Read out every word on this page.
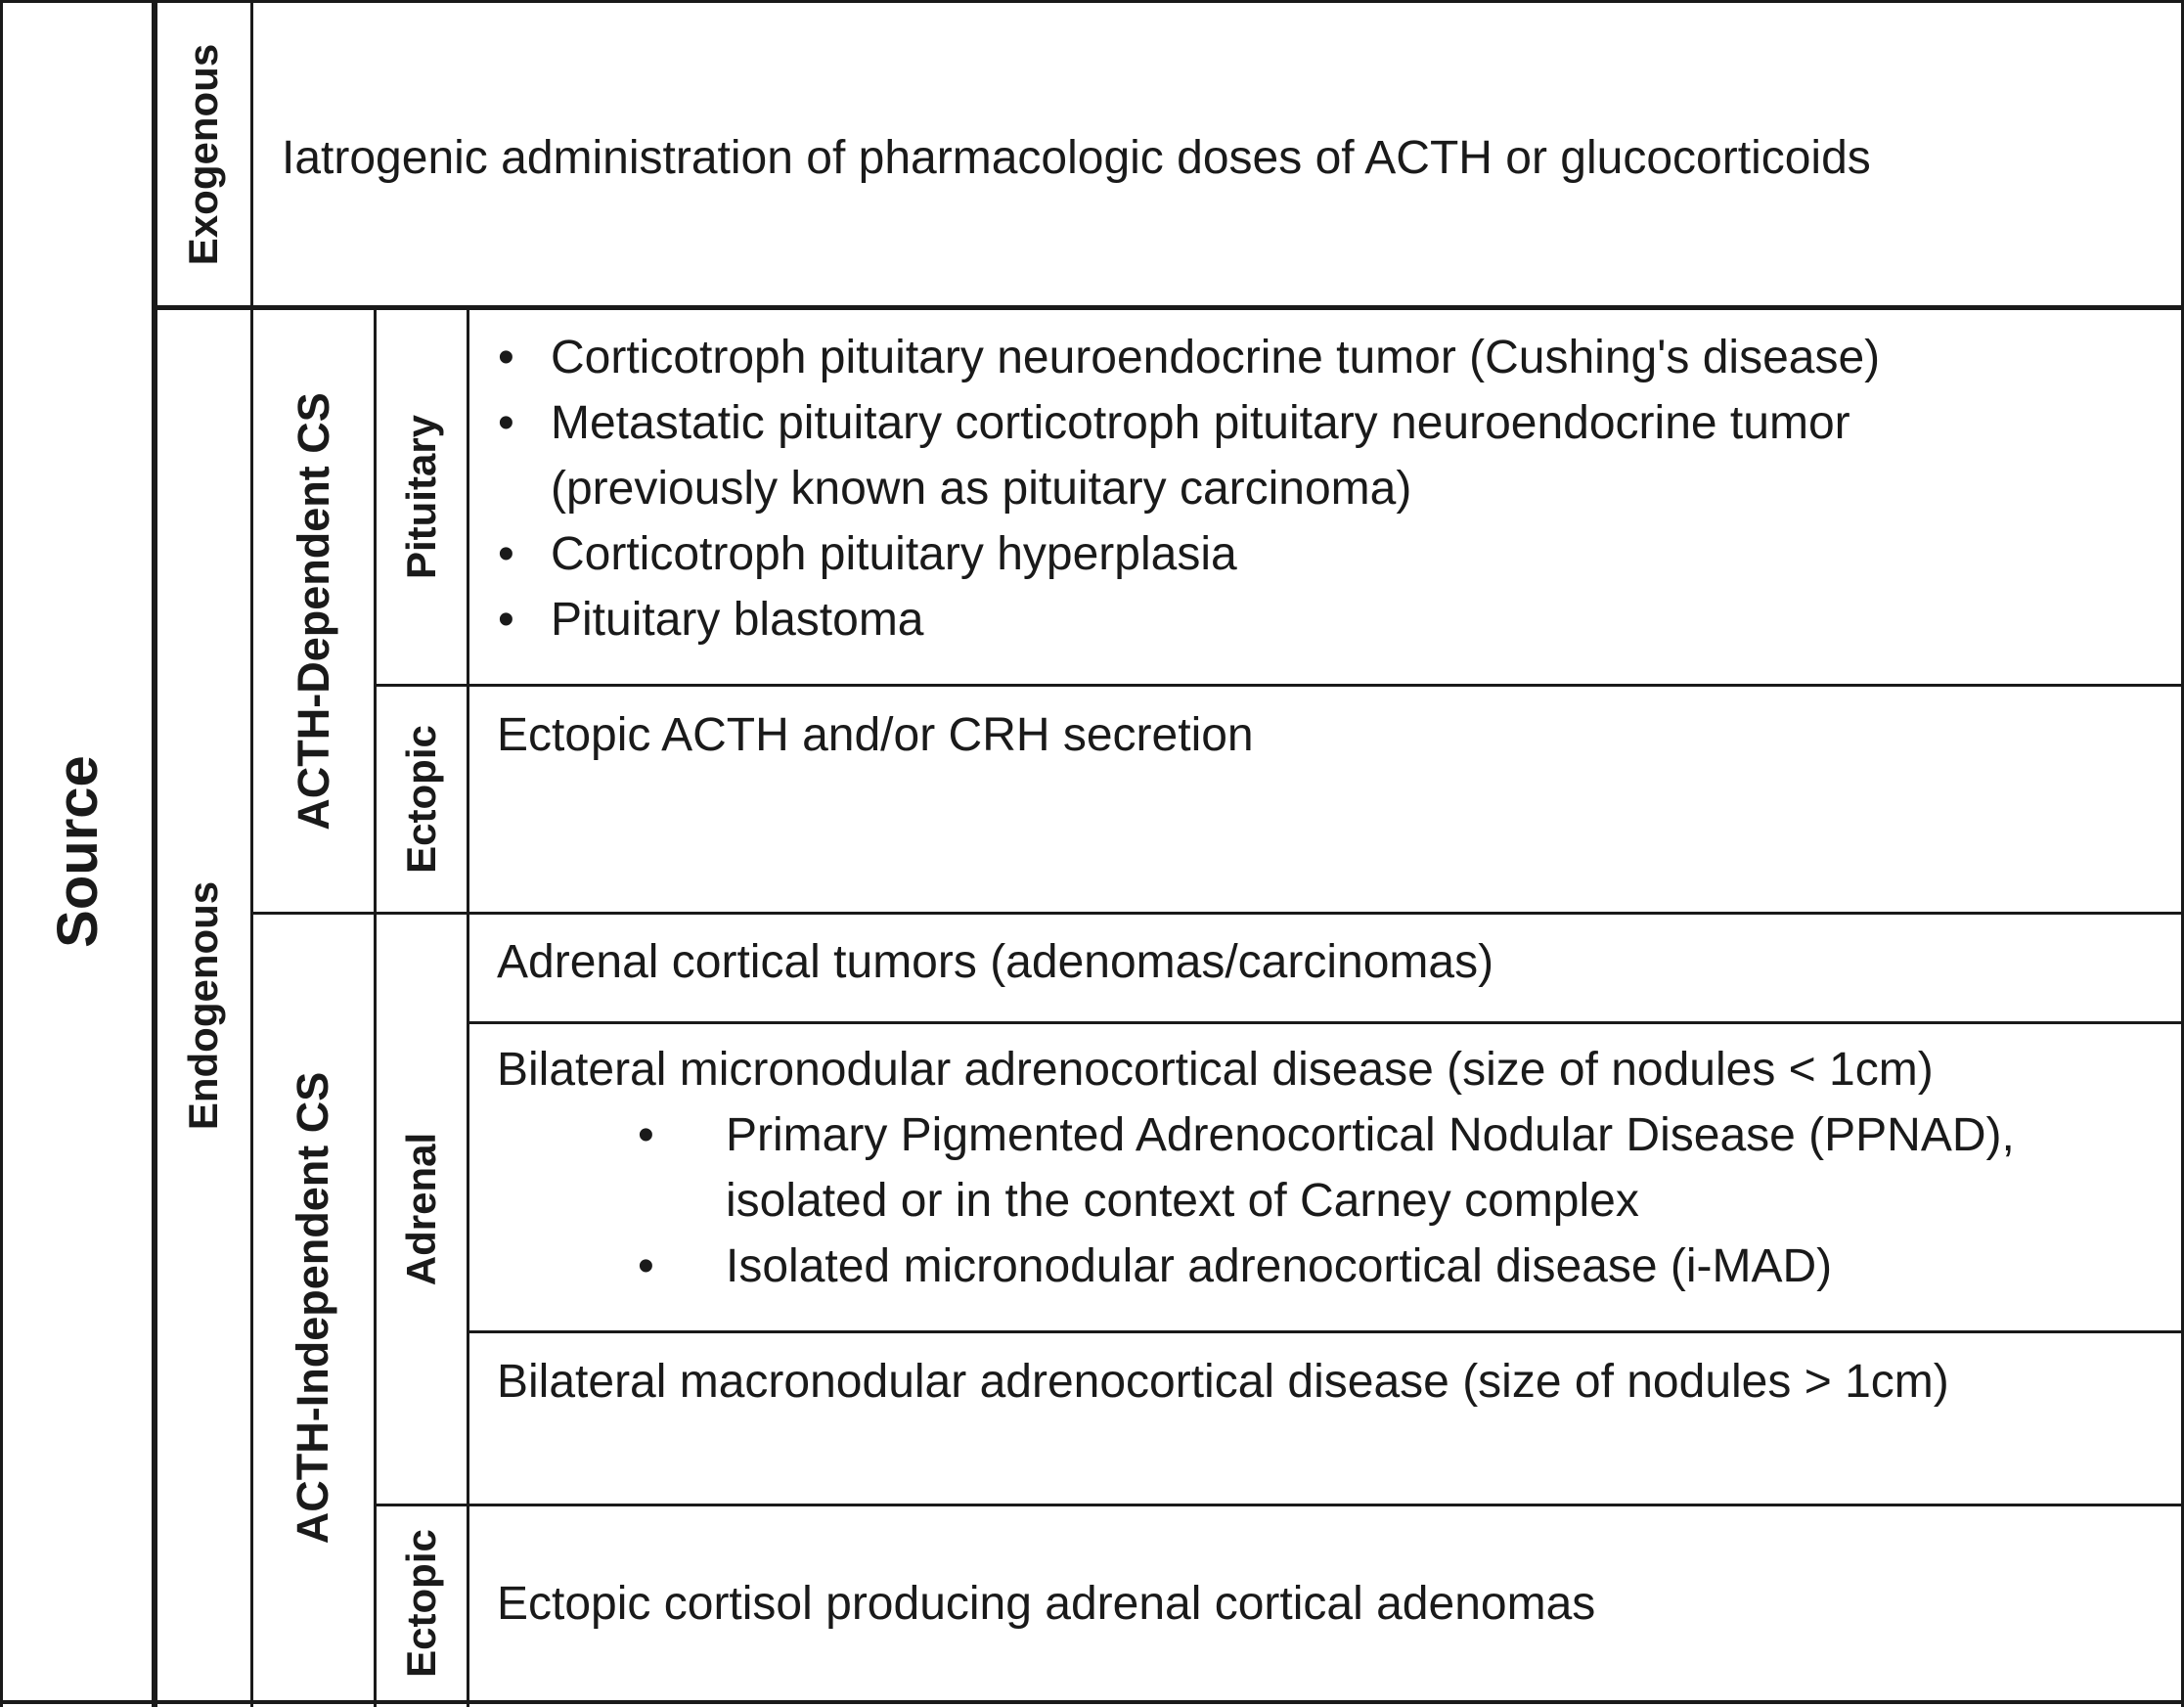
Source
Exogenous
Endogenous
ACTH-Dependent CS
ACTH-Independent CS
Pituitary
Ectopic
Adrenal
Ectopic
Iatrogenic administration of pharmacologic doses of ACTH or glucocorticoids
• Corticotroph pituitary neuroendocrine tumor (Cushing's disease)
• Metastatic pituitary corticotroph pituitary neuroendocrine tumor
(previously known as pituitary carcinoma)
• Corticotroph pituitary hyperplasia
• Pituitary blastoma
Ectopic ACTH and/or CRH secretion
Adrenal cortical tumors (adenomas/carcinomas)
Bilateral micronodular adrenocortical disease (size of nodules < 1cm)
• Primary Pigmented Adrenocortical Nodular Disease (PPNAD),
isolated or in the context of Carney complex
• Isolated micronodular adrenocortical disease (i-MAD)
Bilateral macronodular adrenocortical disease (size of nodules > 1cm)
Ectopic cortisol producing adrenal cortical adenomas
